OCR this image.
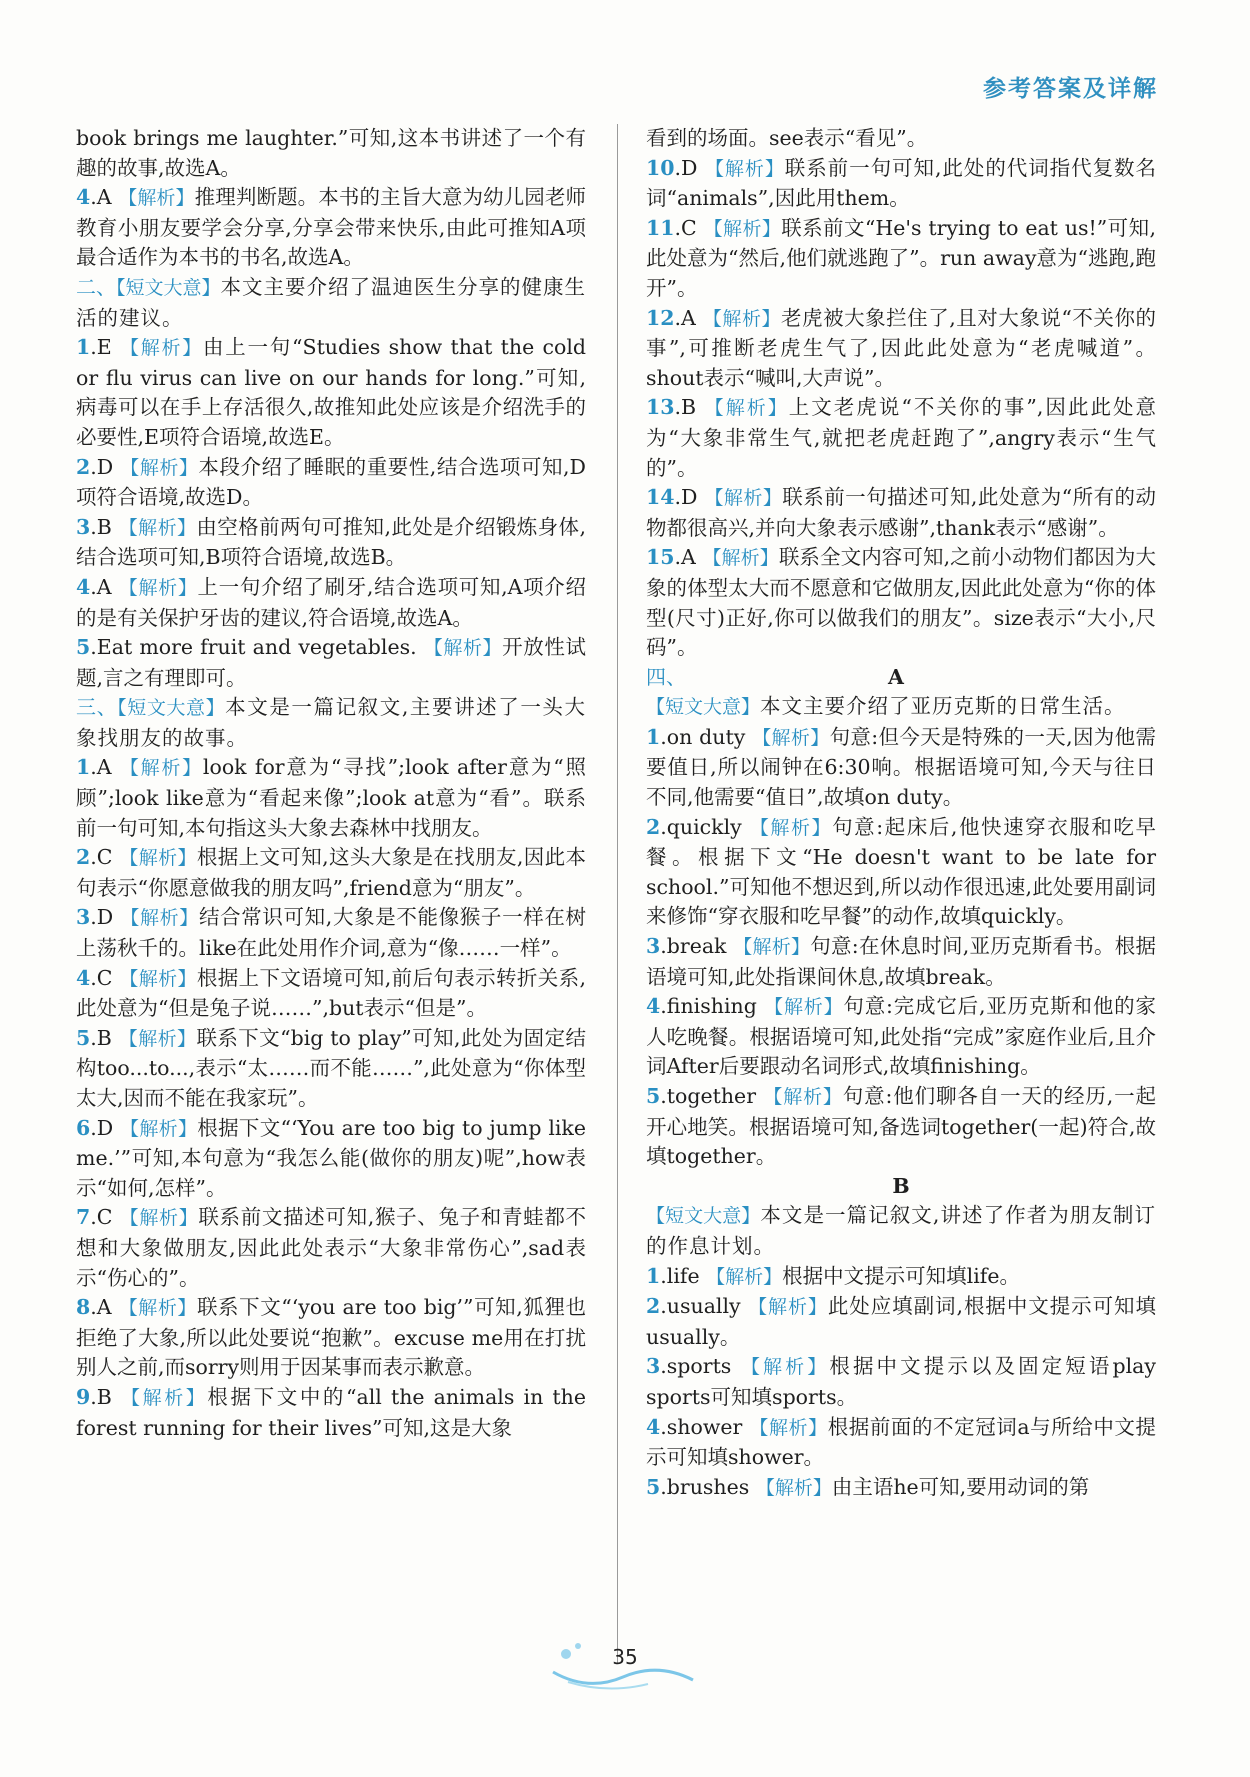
参考答案及详解

book brings me laughter.”可知,这本书讲述了一个有趣的故事,故选A。

4.A 【解析】推理判断题。本书的主旨大意为幼儿园老师教育小朋友要学会分享,分享会带来快乐,由此可推知A项最合适作为本书的书名,故选A。

二、【短文大意】本文主要介绍了温迪医生分享的健康生活的建议。

1.E 【解析】由上一句“Studies show that the cold or flu virus can live on our hands for long.”可知,病毒可以在手上存活很久,故推知此处应该是介绍洗手的必要性,E项符合语境,故选E。

2.D 【解析】本段介绍了睡眠的重要性,结合选项可知,D项符合语境,故选D。

3.B 【解析】由空格前两句可推知,此处是介绍锻炼身体,结合选项可知,B项符合语境,故选B。

4.A 【解析】上一句介绍了刷牙,结合选项可知,A项介绍的是有关保护牙齿的建议,符合语境,故选A。

5.Eat more fruit and vegetables. 【解析】开放性试题,言之有理即可。

三、【短文大意】本文是一篇记叙文,主要讲述了一头大象找朋友的故事。

1.A 【解析】look for意为“寻找”;look after意为“照顾”;look like意为“看起来像”;look at意为“看”。联系前一句可知,本句指这头大象去森林中找朋友。

2.C 【解析】根据上文可知,这头大象是在找朋友,因此本句表示“你愿意做我的朋友吗”,friend意为“朋友”。

3.D 【解析】结合常识可知,大象是不能像猴子一样在树上荡秋千的。like在此处用作介词,意为“像……一样”。

4.C 【解析】根据上下文语境可知,前后句表示转折关系,此处意为“但是兔子说……”,but表示“但是”。

5.B 【解析】联系下文“big to play”可知,此处为固定结构too...to...,表示“太……而不能……”,此处意为“你体型太大,因而不能在我家玩”。

6.D 【解析】根据下文“‘You are too big to jump like me.’”可知,本句意为“我怎么能(做你的朋友)呢”,how表示“如何,怎样”。

7.C 【解析】联系前文描述可知,猴子、兔子和青蛙都不想和大象做朋友,因此此处表示“大象非常伤心”,sad表示“伤心的”。

8.A 【解析】联系下文“‘you are too big’”可知,狐狸也拒绝了大象,所以此处要说“抱歉”。excuse me用在打扰别人之前,而sorry则用于因某事而表示歉意。

9.B 【解析】根据下文中的“all the animals in the forest running for their lives”可知,这是大象

看到的场面。see表示“看见”。

10.D 【解析】联系前一句可知,此处的代词指代复数名词“animals”,因此用them。

11.C 【解析】联系前文“He's trying to eat us!”可知,此处意为“然后,他们就逃跑了”。run away意为“逃跑,跑开”。

12.A 【解析】老虎被大象拦住了,且对大象说“不关你的事”,可推断老虎生气了,因此此处意为“老虎喊道”。shout表示“喊叫,大声说”。

13.B 【解析】上文老虎说“不关你的事”,因此此处意为“大象非常生气,就把老虎赶跑了”,angry表示“生气的”。

14.D 【解析】联系前一句描述可知,此处意为“所有的动物都很高兴,并向大象表示感谢”,thank表示“感谢”。

15.A 【解析】联系全文内容可知,之前小动物们都因为大象的体型太大而不愿意和它做朋友,因此此处意为“你的体型(尺寸)正好,你可以做我们的朋友”。size表示“大小,尺码”。

四、	A

【短文大意】本文主要介绍了亚历克斯的日常生活。

1.on duty 【解析】句意:但今天是特殊的一天,因为他需要值日,所以闹钟在6:30响。根据语境可知,今天与往日不同,他需要“值日”,故填on duty。

2.quickly 【解析】句意:起床后,他快速穿衣服和吃早餐。根据下文“He doesn't want to be late for school.”可知他不想迟到,所以动作很迅速,此处要用副词来修饰“穿衣服和吃早餐”的动作,故填quickly。

3.break 【解析】句意:在休息时间,亚历克斯看书。根据语境可知,此处指课间休息,故填break。

4.finishing 【解析】句意:完成它后,亚历克斯和他的家人吃晚餐。根据语境可知,此处指“完成”家庭作业后,且介词After后要跟动名词形式,故填finishing。

5.together 【解析】句意:他们聊各自一天的经历,一起开心地笑。根据语境可知,备选词together(一起)符合,故填together。

B

【短文大意】本文是一篇记叙文,讲述了作者为朋友制订的作息计划。

1.life 【解析】根据中文提示可知填life。

2.usually 【解析】此处应填副词,根据中文提示可知填usually。

3.sports 【解析】根据中文提示以及固定短语play sports可知填sports。

4.shower 【解析】根据前面的不定冠词a与所给中文提示可知填shower。

5.brushes 【解析】由主语he可知,要用动词的第

35
